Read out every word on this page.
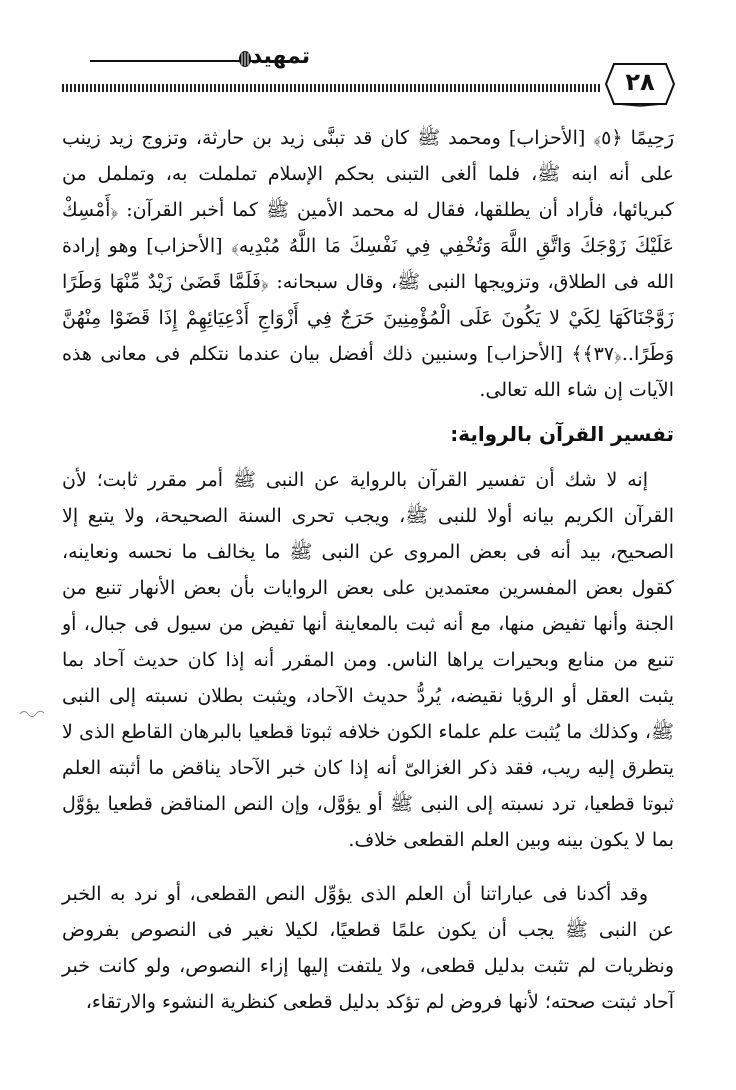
تمهيد
٢٨

رَحِيمًا ﴿٥﴾ [الأحزاب] ومحمد ﷺ كان قد تبنَّى زيد بن حارثة، وتزوج زيد زينب على أنه ابنه ﷺ، فلما ألغى التبنى بحكم الإسلام تململت به، وتململ من كبريائها، فأراد أن يطلقها، فقال له محمد الأمين ﷺ كما أخبر القرآن: ﴿أَمْسِكْ عَلَيْكَ زَوْجَكَ وَاتَّقِ اللَّهَ وَتُخْفِي فِي نَفْسِكَ مَا اللَّهُ مُبْدِيه﴾ [الأحزاب] وهو إرادة الله فى الطلاق، وتزويجها النبى ﷺ، وقال سبحانه: ﴿فَلَمَّا قَضَىٰ زَيْدٌ مِّنْهَا وَطَرًا زَوَّجْنَاكَهَا لِكَيْ لا يَكُونَ عَلَى الْمُؤْمِنِينَ حَرَجٌ فِي أَزْوَاجِ أَدْعِيَائِهِمْ إِذَا قَضَوْا مِنْهُنَّ وَطَرًا..﴿٣٧﴾﴾ [الأحزاب] وسنبين ذلك أفضل بيان عندما نتكلم فى معانى هذه الآيات إن شاء الله تعالى.

تفسير القرآن بالرواية:

إنه لا شك أن تفسير القرآن بالرواية عن النبى ﷺ أمر مقرر ثابت؛ لأن القرآن الكريم بيانه أولا للنبى ﷺ، ويجب تحرى السنة الصحيحة، ولا يتبع إلا الصحيح، بيد أنه فى بعض المروى عن النبى ﷺ ما يخالف ما نحسه ونعاينه، كقول بعض المفسرين معتمدين على بعض الروايات بأن بعض الأنهار تنبع من الجنة وأنها تفيض منها، مع أنه ثبت بالمعاينة أنها تفيض من سيول فى جبال، أو تنبع من منابع وبحيرات يراها الناس. ومن المقرر أنه إذا كان حديث آحاد بما يثبت العقل أو الرؤيا نقيضه، يُردُّ حديث الآحاد، ويثبت بطلان نسبته إلى النبى ﷺ، وكذلك ما يُثبت علم علماء الكون خلافه ثبوتا قطعيا بالبرهان القاطع الذى لا يتطرق إليه ريب، فقد ذكر الغزالىّ أنه إذا كان خبر الآحاد يناقض ما أثبته العلم ثبوتا قطعيا، ترد نسبته إلى النبى ﷺ أو يؤوَّل، وإن النص المناقض قطعيا يؤوَّل بما لا يكون بينه وبين العلم القطعى خلاف.

وقد أكدنا فى عباراتنا أن العلم الذى يؤوِّل النص القطعى، أو نرد به الخبر عن النبى ﷺ يجب أن يكون علمًا قطعيًا، لكيلا نغير فى النصوص بفروض ونظريات لم تثبت بدليل قطعى، ولا يلتفت إليها إزاء النصوص، ولو كانت خبر آحاد ثبتت صحته؛ لأنها فروض لم تؤكد بدليل قطعى كنظرية النشوء والارتقاء،
